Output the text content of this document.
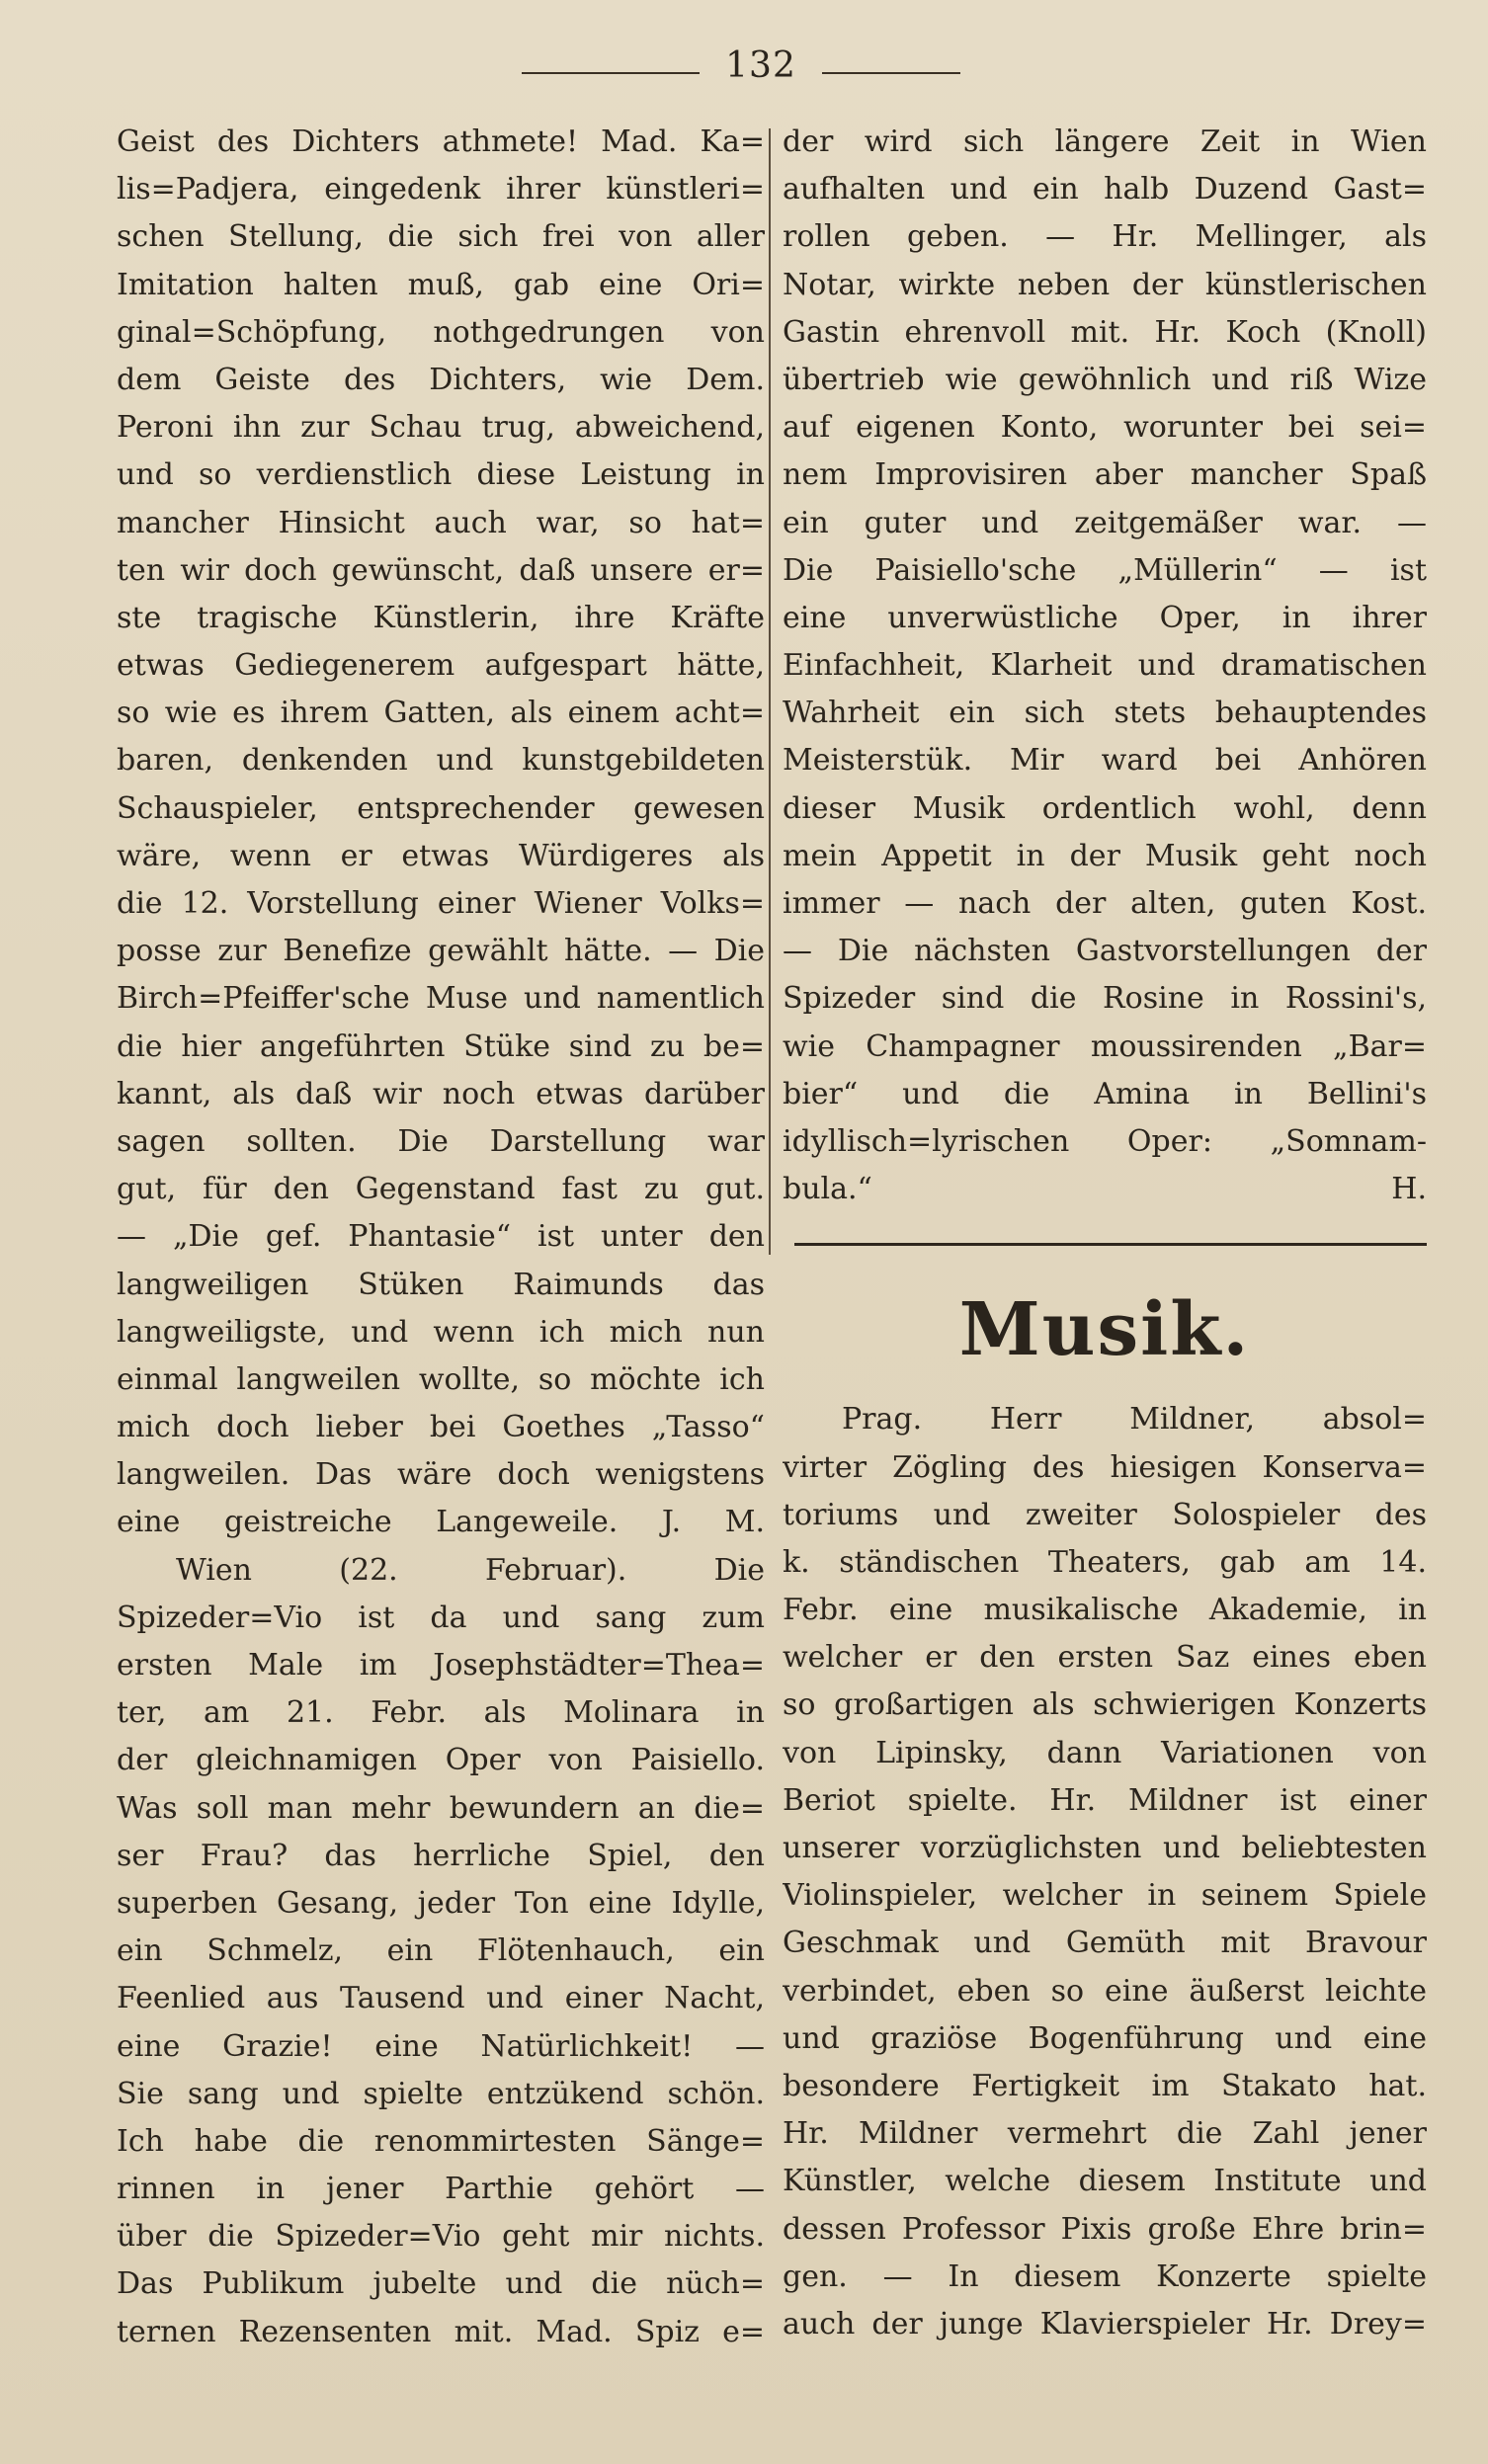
132
Geist des Dichters athmete! Mad. Ka=
lis=Padjera, eingedenk ihrer künstleri=
schen Stellung, die sich frei von aller
Imitation halten muß, gab eine Ori=
ginal=Schöpfung, nothgedrungen von
dem Geiste des Dichters, wie Dem.
Peroni ihn zur Schau trug, abweichend,
und so verdienstlich diese Leistung in
mancher Hinsicht auch war, so hat=
ten wir doch gewünscht, daß unsere er=
ste tragische Künstlerin, ihre Kräfte
etwas Gediegenerem aufgespart hätte,
so wie es ihrem Gatten, als einem acht=
baren, denkenden und kunstgebildeten
Schauspieler, entsprechender gewesen
wäre, wenn er etwas Würdigeres als
die 12. Vorstellung einer Wiener Volks=
posse zur Benefize gewählt hätte. — Die
Birch=Pfeiffer'sche Muse und namentlich
die hier angeführten Stüke sind zu be=
kannt, als daß wir noch etwas darüber
sagen sollten. Die Darstellung war
gut, für den Gegenstand fast zu gut.
— „Die gef. Phantasie“ ist unter den
langweiligen Stüken Raimunds das
langweiligste, und wenn ich mich nun
einmal langweilen wollte, so möchte ich
mich doch lieber bei Goethes „Tasso“
langweilen. Das wäre doch wenigstens
eine geistreiche Langeweile. J. M.
Wien (22. Februar). Die
Spizeder=Vio ist da und sang zum
ersten Male im Josephstädter=Thea=
ter, am 21. Febr. als Molinara in
der gleichnamigen Oper von Paisiello.
Was soll man mehr bewundern an die=
ser Frau? das herrliche Spiel, den
superben Gesang, jeder Ton eine Idylle,
ein Schmelz, ein Flötenhauch, ein
Feenlied aus Tausend und einer Nacht,
eine Grazie! eine Natürlichkeit! —
Sie sang und spielte entzükend schön.
Ich habe die renommirtesten Sänge=
rinnen in jener Parthie gehört —
über die Spizeder=Vio geht mir nichts.
Das Publikum jubelte und die nüch=
ternen Rezensenten mit. Mad. Spiz e=
der wird sich längere Zeit in Wien
aufhalten und ein halb Duzend Gast=
rollen geben. — Hr. Mellinger, als
Notar, wirkte neben der künstlerischen
Gastin ehrenvoll mit. Hr. Koch (Knoll)
übertrieb wie gewöhnlich und riß Wize
auf eigenen Konto, worunter bei sei=
nem Improvisiren aber mancher Spaß
ein guter und zeitgemäßer war. —
Die Paisiello'sche „Müllerin“ — ist
eine unverwüstliche Oper, in ihrer
Einfachheit, Klarheit und dramatischen
Wahrheit ein sich stets behauptendes
Meisterstük. Mir ward bei Anhören
dieser Musik ordentlich wohl, denn
mein Appetit in der Musik geht noch
immer — nach der alten, guten Kost.
— Die nächsten Gastvorstellungen der
Spizeder sind die Rosine in Rossini's,
wie Champagner moussirenden „Bar=
bier“ und die Amina in Bellini's
idyllisch=lyrischen Oper: „Somnam-
bula.“ H.
Musik.
Prag. Herr Mildner, absol=
virter Zögling des hiesigen Konserva=
toriums und zweiter Solospieler des
k. ständischen Theaters, gab am 14.
Febr. eine musikalische Akademie, in
welcher er den ersten Saz eines eben
so großartigen als schwierigen Konzerts
von Lipinsky, dann Variationen von
Beriot spielte. Hr. Mildner ist einer
unserer vorzüglichsten und beliebtesten
Violinspieler, welcher in seinem Spiele
Geschmak und Gemüth mit Bravour
verbindet, eben so eine äußerst leichte
und graziöse Bogenführung und eine
besondere Fertigkeit im Stakato hat.
Hr. Mildner vermehrt die Zahl jener
Künstler, welche diesem Institute und
dessen Professor Pixis große Ehre brin=
gen. — In diesem Konzerte spielte
auch der junge Klavierspieler Hr. Drey=
